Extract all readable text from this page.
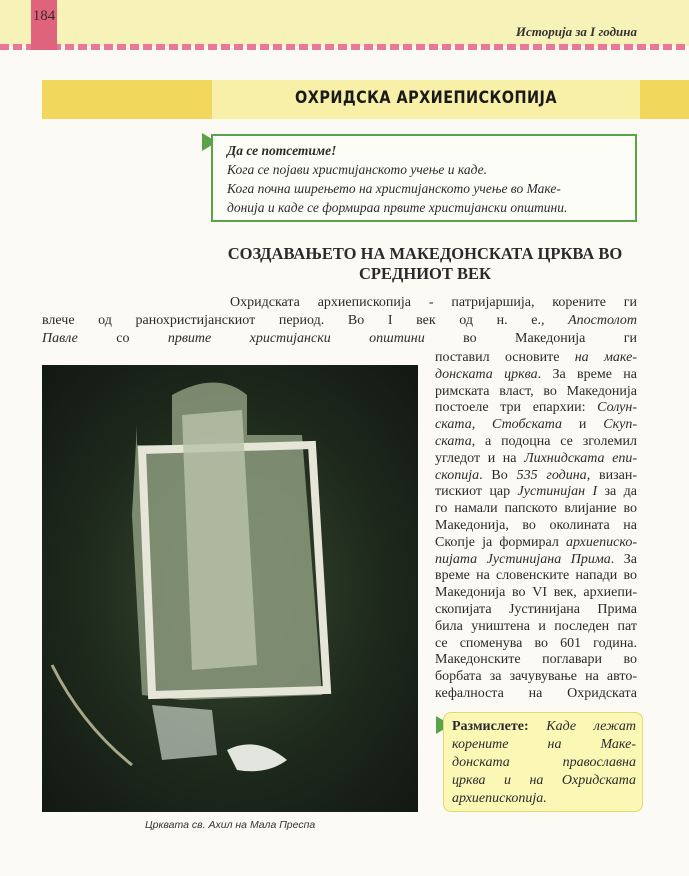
184
Историја за I година
ОХРИДСКА АРХИЕПИСКОПИЈА
Да се потсетиме!
Кога се појави христијанското учење и каде.
Кога почна ширењето на христијанското учење во Маке-
донија и каде се формираа првите христијански општини.
СОЗДАВАЊЕТО НА МАКЕДОНСКАТА ЦРКВА ВО
СРЕДНИОТ ВЕК
Охридската архиепископија - патријаршија, корените ги
влече од ранохристијанскиот период. Во I век од н. е., Апостолот
Павле со првите христијански општини во Македонија ги
поставил основите на маке-
донската црква. За време на
римската власт, во Македонија
постоеле три епархии: Солун-
ската, Стобската и Скуп-
ската, а подоцна се зголемил
угледот и на Лихнидската епи-
скопија. Во 535 година, визан-
тискиот цар Јустинијан I за да
го намали папското влијание во
Македонија, во околината на
Скопје ја формирал архиеписко-
пијата Јустинијана Прима. За
време на словенските напади во
Македонија во VI век, архиепи-
скопијата Јустинијана Прима
била уништена и последен пат
се споменува во 601 година.
Македонските поглавари во
борбата за зачувување на авто-
кефалноста на Охридската
Црквата св. Ахил на Мала Преспа
Размислете: Каде лежат
корените на Маке-
донската православна
црква и на Охридската
архиепископија.
